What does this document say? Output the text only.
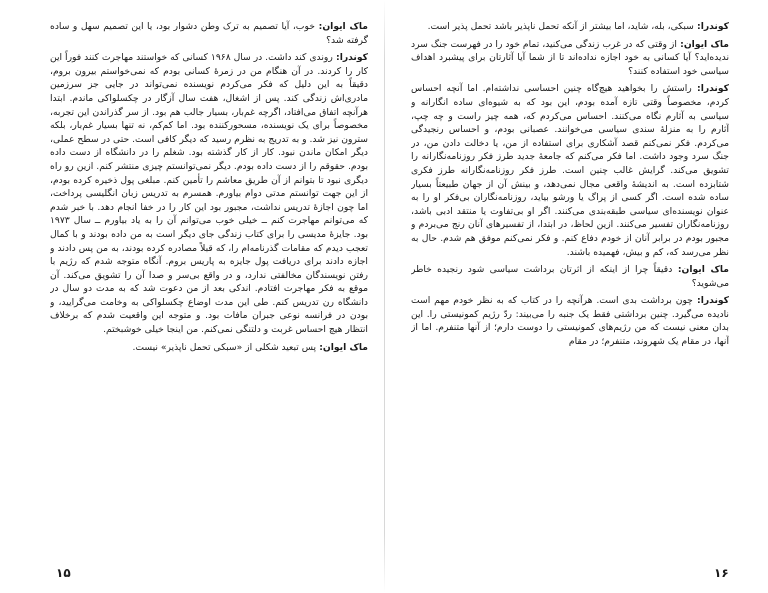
ماک ایوان:خوب، آیا تصمیم به ترک وطن دشوار بود، یا این تصمیم سهل و ساده گرفته شد؟

کوندرا:روندی کند داشت. در سال ۱۹۶۸ کسانی که خواستند مهاجرت کنند فوراً این کار را کردند. در آن هنگام من در زمرهٔ کسانی بودم که نمی‌خواستم بیرون بروم، دقیقاً به این دلیل که فکر می‌کردم نویسنده نمی‌تواند در جایی جز سرزمین مادری‌اش زندگی کند. پس از اشغال، هفت سال آزگار در چکسلواکی ماندم. ابتدا هرآنچه اتفاق می‌افتاد، اگرچه غم‌بار، بسیار جالب هم بود. از سر گذراندن این تجربه، مخصوصاً برای یک نویسنده، مسحورکننده بود. اما کم‌کم، نه تنها بسیار غم‌بار، بلکه سترون نیز شد. و به تدریج به نظرم رسید که دیگر کافی است. حتی در سطح عملی، دیگر امکان ماندن نبود. کار از کار گذشته بود. شغلم را در دانشگاه از دست داده بودم. حقوقم را از دست داده بودم. دیگر نمی‌توانستم چیزی منتشر کنم. ازین رو راه دیگری نبود تا بتوانم از آن طریق معاشم را تأمین کنم. مبلغی پول ذخیره کرده بودم، از این جهت توانستم مدتی دوام بیاورم. همسرم به تدریس زبان انگلیسی پرداخت، اما چون اجازهٔ تدریس نداشت، مجبور بود این کار را در خفا انجام دهد. با خبر شدم که می‌توانم مهاجرت کنم ــ خیلی خوب می‌توانم آن را به یاد بیاورم ــ سال ۱۹۷۳ بود. جایزهٔ مدیسی را برای کتاب زندگی جای دیگر است به من داده بودند و با کمال تعجب دیدم که مقامات گذرنامه‌ام را، که قبلاً مصادره کرده بودند، به من پس دادند و اجازه دادند برای دریافت پول جایزه به پاریس بروم. آنگاه متوجه شدم که رژیم با رفتن نویسندگان مخالفتی ندارد، و در واقع بی‌سر و صدا آن را تشویق می‌کند. آن موقع به فکر مهاجرت افتادم. اندکی بعد از من دعوت شد که به مدت دو سال در دانشگاه رن تدریس کنم. طی این مدت اوضاع چکسلواکی به وخامت می‌گرایید، و بودن در فرانسه نوعی جبران مافات بود. و متوجه این واقعیت شدم که برخلاف انتظار هیچ احساس غربت و دلتنگی نمی‌کنم. من اینجا خیلی خوشبختم.

ماک ایوان:پس تبعید شکلی از «سبکی تحمل ناپذیر» نیست.

کوندرا:سبکی، بله، شاید، اما بیشتر از آنکه تحمل ناپذیر باشد تحمل پذیر است.

ماک ایوان:از وقتی که در غرب زندگی می‌کنید، تمام خود را در فهرست جنگ سرد ندیده‌اید؟ آیا کسانی به خود اجازه نداده‌اند تا از شما آیا آثارتان برای پیشبرد اهداف سیاسی خود استفاده کنند؟

کوندرا:راستش را بخواهید هیچ‌گاه چنین احساسی نداشته‌ام. اما آنچه احساس کردم، مخصوصاً وقتی تازه آمده بودم، این بود که به شیوه‌ای ساده انگارانه و سیاسی به آثارم نگاه می‌کنند. احساس می‌کردم که، همه چیز راست و چه چپ، آثارم را به منزلهٔ سندی سیاسی می‌خوانند. عصبانی بودم، و احساس رنجیدگی می‌کردم. فکر نمی‌کنم قصد آشکاری برای استفاده از من، یا دخالت دادن من، در جنگ سرد وجود داشت. اما فکر می‌کنم که جامعهٔ جدید طرز فکر روزنامه‌نگارانه را تشویق می‌کند. گرایش غالب چنین است. طرز فکر روزنامه‌نگارانه طرز فکری شتابزده است. به اندیشهٔ واقعی مجال نمی‌دهد، و بینش آن از جهان طبیعتاً بسیار ساده شده است. اگر کسی از پراگ یا ورشو بیاید، روزنامه‌نگاران بی‌فکر او را به عنوان نویسنده‌ای سیاسی طبقه‌بندی می‌کنند. اگر او بی‌تفاوت یا منتقد ادبی باشد، روزنامه‌نگاران تفسیر می‌کنند. ازین لحاظ، در ابتدا، از تفسیرهای آنان رنج می‌بردم و مجبور بودم در برابر آنان از خودم دفاع کنم. و فکر نمی‌کنم موفق هم شدم. حال به نظر می‌رسد که، کم و بیش، فهمیده باشند.

ماک ایوان:دقیقاً چرا از اینکه از اثرتان برداشت سیاسی شود رنجیده خاطر می‌شوید؟

کوندرا:چون برداشت بدی است. هرآنچه را در کتاب که به نظر خودم مهم است نادیده می‌گیرد. چنین برداشتی فقط یک جنبه را می‌بیند: ردّ رژیم کمونیستی را. این بدان معنی نیست که من رژیم‌های کمونیستی را دوست دارم؛ از آنها متنفرم. اما از آنها، در مقام یک شهروند، متنفرم؛ در مقام

۱۵	۱۶
